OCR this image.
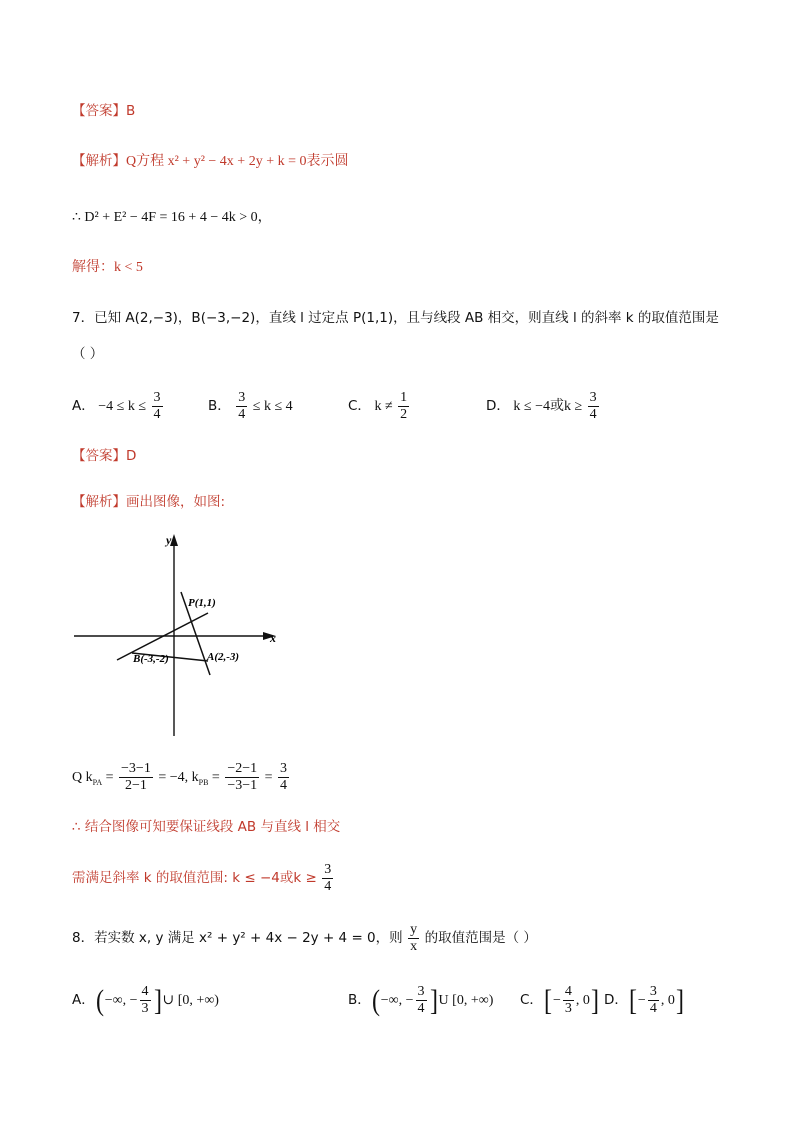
【答案】B
【解析】Q方程 x² + y² − 4x + 2y + k = 0表示圆
∴ D² + E² − 4F = 16 + 4 − 4k > 0，
解得：k < 5
7．已知 A(2,−3)，B(−3,−2)，直线 l 过定点 P(1,1)，且与线段 AB 相交，则直线 l 的斜率 k 的取值范围是
（ ）
A． $-4 \le k \le \frac{3}{4}$	B． $\frac{3}{4} \le k \le 4$	C． $k \ne \frac{1}{2}$	D． k ≤ −4或$k \ge \frac{3}{4}$
【答案】D
【解析】画出图像，如图:
y
x
P(1,1)
A(2,-3)
B(-3,-2)
Q $k_{PA} = \frac{-3-1}{2-1} = -4$, $k_{PB} = \frac{-2-1}{-3-1} = \frac{3}{4}$
∴ 结合图像可知要保证线段 AB 与直线 l 相交
需满足斜率 k 的取值范围: k ≤ −4或$k \ge \frac{3}{4}$
8．若实数 x, y 满足 x² + y² + 4x − 2y + 4 = 0，则 $\frac{y}{x}$ 的取值范围是（ ）
A．(−∞, − $\frac{4}{3}$ ]∪ [0, +∞)	B．(−∞, − $\frac{3}{4} ]U$ [0, +∞) C．[− $\frac{4}{3}$ , 0] D．[− $\frac{3}{4}$ , 0]
